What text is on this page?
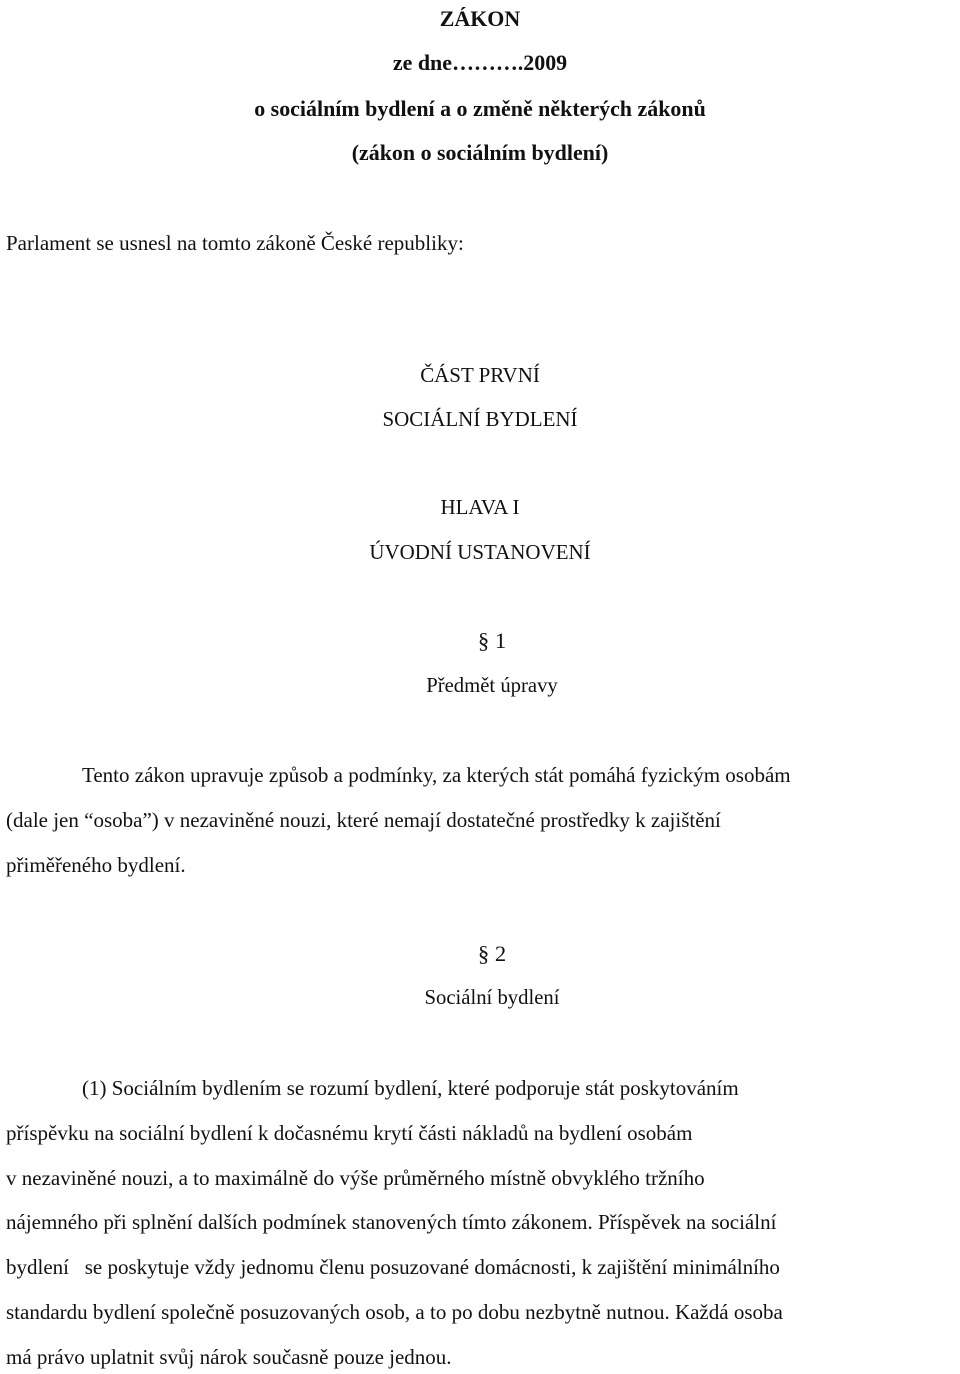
ZÁKON
ze dne……….2009
o sociálním bydlení a o změně některých zákonů
(zákon o sociálním bydlení)
Parlament se usnesl na tomto zákoně České republiky:
ČÁST PRVNÍ
SOCIÁLNÍ BYDLENÍ
HLAVA I
ÚVODNÍ USTANOVENÍ
§ 1
Předmět úpravy
Tento zákon upravuje způsob a podmínky, za kterých stát pomáhá fyzickým osobám
(dale jen “osoba”) v nezaviněné nouzi, které nemají dostatečné prostředky k zajištění
přiměřeného bydlení.
§ 2
Sociální bydlení
(1) Sociálním bydlením se rozumí bydlení, které podporuje stát poskytováním
příspěvku na sociální bydlení k dočasnému krytí části nákladů na bydlení osobám
v nezaviněné nouzi, a to maximálně do výše průměrného místně obvyklého tržního
nájemného při splnění dalších podmínek stanovených tímto zákonem. Příspěvek na sociální
bydlení   se poskytuje vždy jednomu členu posuzované domácnosti, k zajištění minimálního
standardu bydlení společně posuzovaných osob, a to po dobu nezbytně nutnou. Každá osoba
má právo uplatnit svůj nárok současně pouze jednou.
